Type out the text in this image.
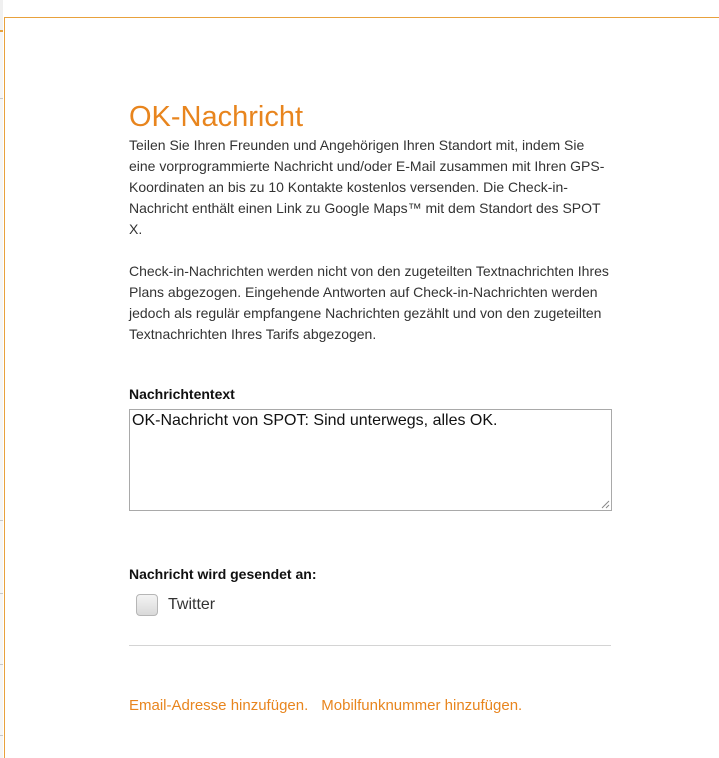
OK-Nachricht

Teilen Sie Ihren Freunden und Angehörigen Ihren Standort mit, indem Sie eine vorprogrammierte Nachricht und/oder E-Mail zusammen mit Ihren GPS-Koordinaten an bis zu 10 Kontakte kostenlos versenden. Die Check-in-Nachricht enthält einen Link zu Google Maps™ mit dem Standort des SPOT X.

Check-in-Nachrichten werden nicht von den zugeteilten Textnachrichten Ihres Plans abgezogen. Eingehende Antworten auf Check-in-Nachrichten werden jedoch als regulär empfangene Nachrichten gezählt und von den zugeteilten Textnachrichten Ihres Tarifs abgezogen.

Nachrichtentext
OK-Nachricht von SPOT: Sind unterwegs, alles OK.
Nachricht wird gesendet an:
Twitter
Email-Adresse hinzufügen. Mobilfunknummer hinzufügen.
